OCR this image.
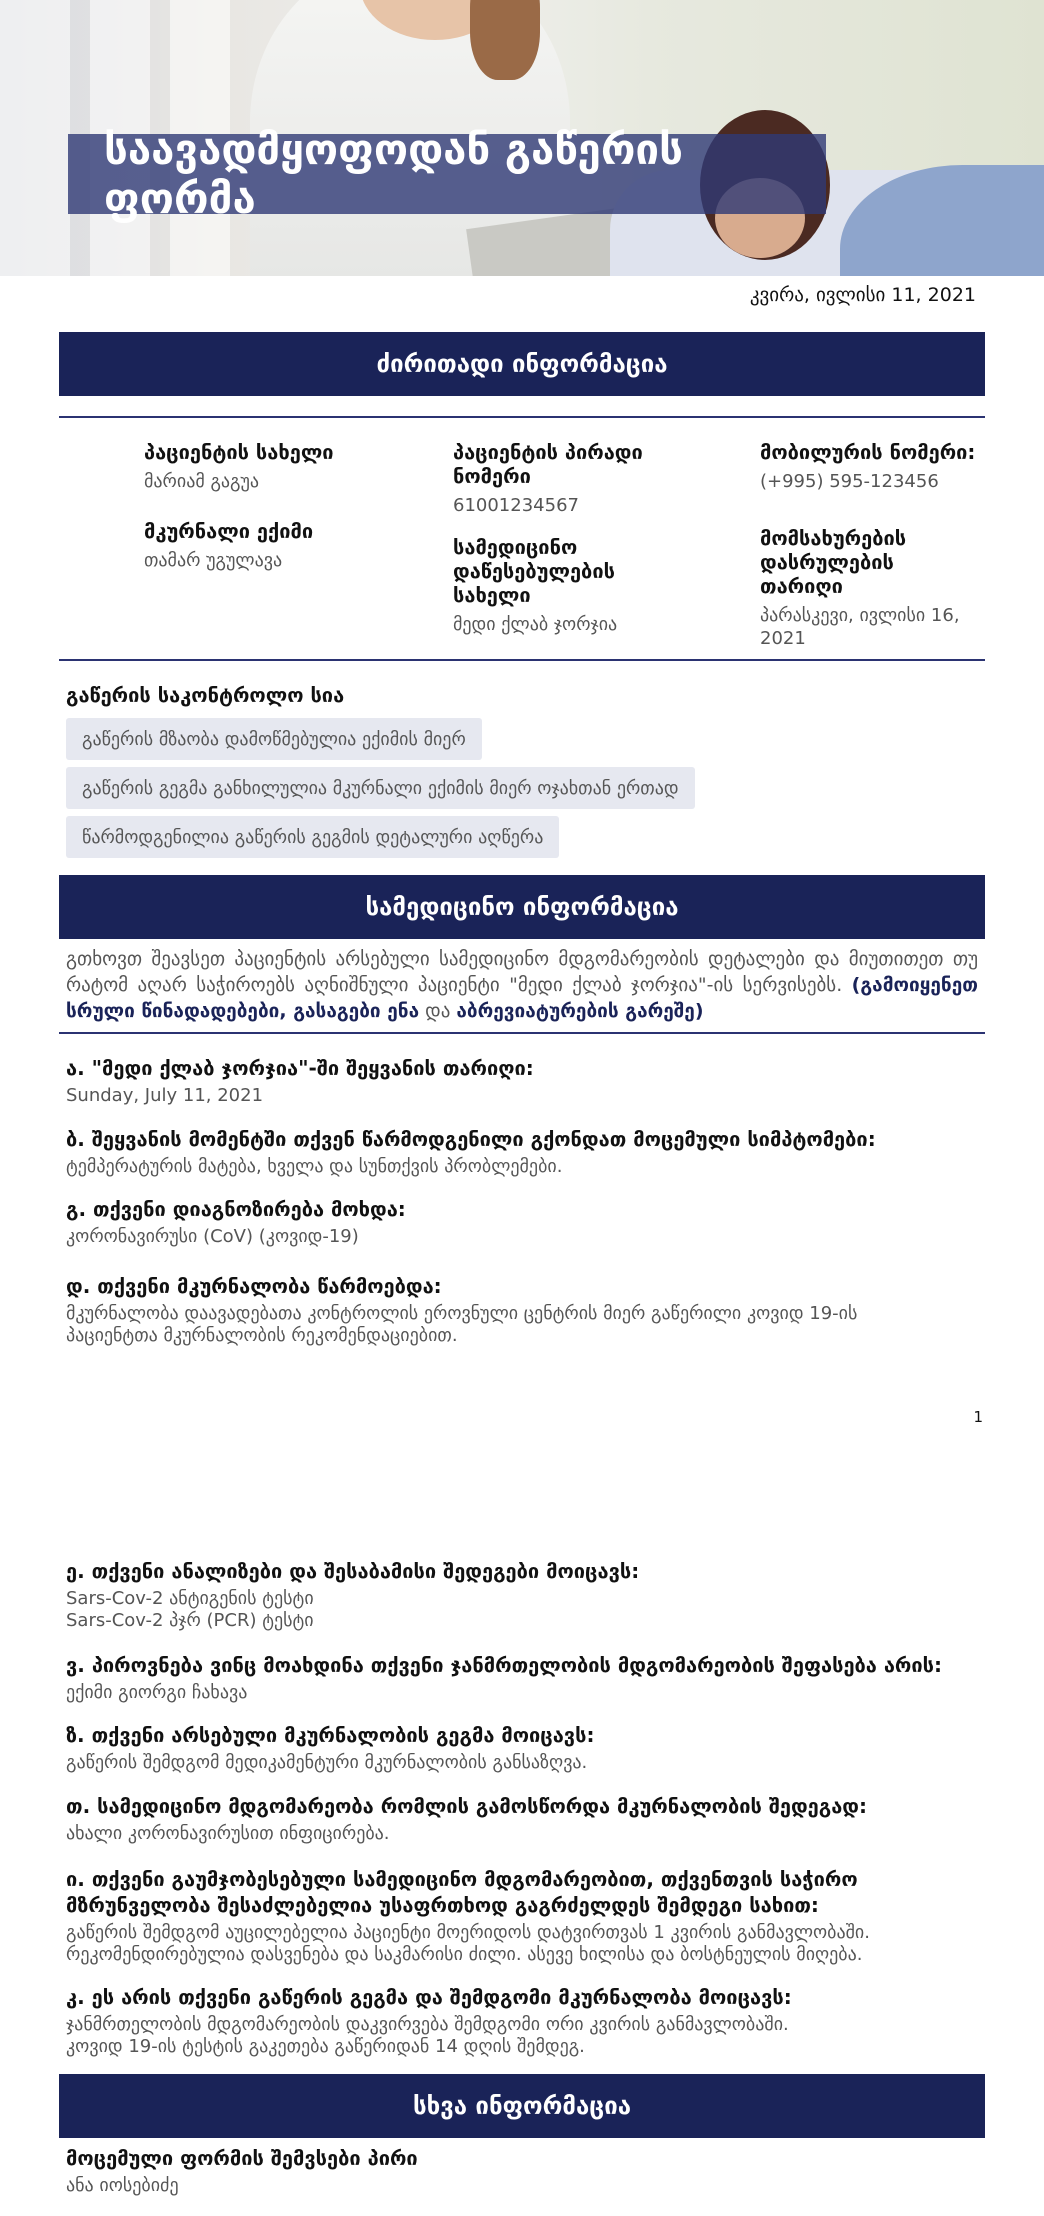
საავადმყოფოდან გაწერის ფორმა
კვირა, ივლისი 11, 2021
ძირითადი ინფორმაცია
პაციენტის სახელი
მარიამ გაგუა
პაციენტის პირადი ნომერი
61001234567
მობილურის ნომერი:
(+995) 595-123456
მკურნალი ექიმი
თამარ უგულავა
სამედიცინო დაწესებულების სახელი
მედი ქლაბ ჯორჯია
მომსახურების დასრულების თარიღი
პარასკევი, ივლისი 16, 2021
გაწერის საკონტროლო სია
გაწერის მზაობა დამოწმებულია ექიმის მიერ
გაწერის გეგმა განხილულია მკურნალი ექიმის მიერ ოჯახთან ერთად
წარმოდგენილია გაწერის გეგმის დეტალური აღწერა
სამედიცინო ინფორმაცია
გთხოვთ შეავსეთ პაციენტის არსებული სამედიცინო მდგომარეობის დეტალები და მიუთითეთ თუ რატომ აღარ საჭიროებს აღნიშნული პაციენტი "მედი ქლაბ ჯორჯია"-ის სერვისებს. (გამოიყენეთ სრული წინადადებები, გასაგები ენა და აბრევიატურების გარეშე)
ა. "მედი ქლაბ ჯორჯია"-ში შეყვანის თარიღი:
Sunday, July 11, 2021
ბ. შეყვანის მომენტში თქვენ წარმოდგენილი გქონდათ მოცემული სიმპტომები:
ტემპერატურის მატება, ხველა და სუნთქვის პრობლემები.
გ. თქვენი დიაგნოზირება მოხდა:
კორონავირუსი (CoV) (კოვიდ-19)
დ. თქვენი მკურნალობა წარმოებდა:
მკურნალობა დაავადებათა კონტროლის ეროვნული ცენტრის მიერ გაწერილი კოვიდ 19-ის
პაციენტთა მკურნალობის რეკომენდაციებით.
1
ე. თქვენი ანალიზები და შესაბამისი შედეგები მოიცავს:
Sars-Cov-2 ანტიგენის ტესტი
Sars-Cov-2 პჯრ (PCR) ტესტი
ვ. პიროვნება ვინც მოახდინა თქვენი ჯანმრთელობის მდგომარეობის შეფასება არის:
ექიმი გიორგი ჩახავა
ზ. თქვენი არსებული მკურნალობის გეგმა მოიცავს:
გაწერის შემდგომ მედიკამენტური მკურნალობის განსაზღვა.
თ. სამედიცინო მდგომარეობა რომლის გამოსწორდა მკურნალობის შედეგად:
ახალი კორონავირუსით ინფიცირება.
ი. თქვენი გაუმჯობესებული სამედიცინო მდგომარეობით, თქვენთვის საჭირო მზრუნველობა შესაძლებელია უსაფრთხოდ გაგრძელდეს შემდეგი სახით:
გაწერის შემდგომ აუცილებელია პაციენტი მოერიდოს დატვირთვას 1 კვირის განმავლობაში.
რეკომენდირებულია დასვენება და საკმარისი ძილი. ასევე ხილისა და ბოსტნეულის მიღება.
კ. ეს არის თქვენი გაწერის გეგმა და შემდგომი მკურნალობა მოიცავს:
ჯანმრთელობის მდგომარეობის დაკვირვება შემდგომი ორი კვირის განმავლობაში.
კოვიდ 19-ის ტესტის გაკეთება გაწერიდან 14 დღის შემდეგ.
სხვა ინფორმაცია
მოცემული ფორმის შემვსები პირი
ანა იოსებიძე
